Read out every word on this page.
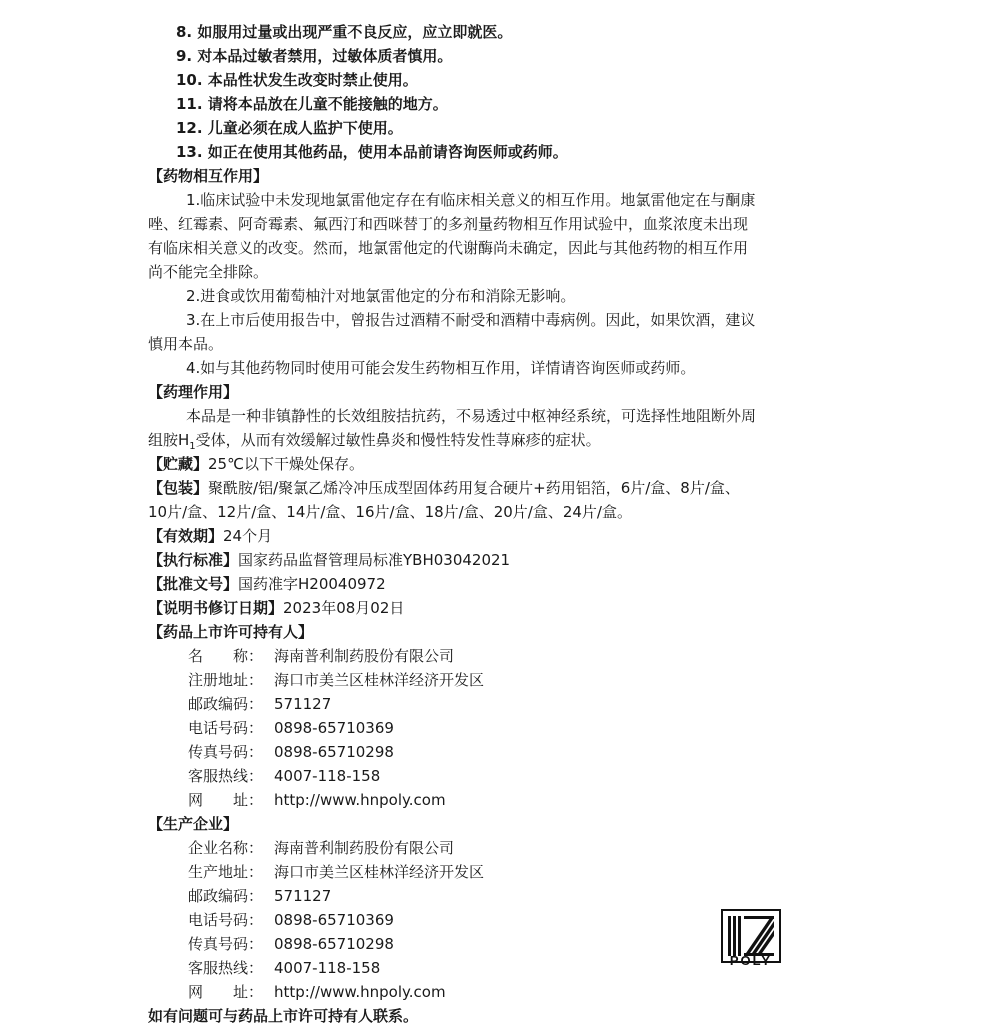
8. 如服用过量或出现严重不良反应，应立即就医。
9. 对本品过敏者禁用，过敏体质者慎用。
10. 本品性状发生改变时禁止使用。
11. 请将本品放在儿童不能接触的地方。
12. 儿童必须在成人监护下使用。
13. 如正在使用其他药品，使用本品前请咨询医师或药师。
【药物相互作用】
1.临床试验中未发现地氯雷他定存在有临床相关意义的相互作用。地氯雷他定在与酮康
唑、红霉素、阿奇霉素、氟西汀和西咪替丁的多剂量药物相互作用试验中，血浆浓度未出现
有临床相关意义的改变。然而，地氯雷他定的代谢酶尚未确定，因此与其他药物的相互作用
尚不能完全排除。
2.进食或饮用葡萄柚汁对地氯雷他定的分布和消除无影响。
3.在上市后使用报告中，曾报告过酒精不耐受和酒精中毒病例。因此，如果饮酒，建议
慎用本品。
4.如与其他药物同时使用可能会发生药物相互作用，详情请咨询医师或药师。
【药理作用】
本品是一种非镇静性的长效组胺拮抗药，不易透过中枢神经系统，可选择性地阻断外周
组胺$H_1$受体，从而有效缓解过敏性鼻炎和慢性特发性荨麻疹的症状。
【贮藏】25℃以下干燥处保存。
【包装】聚酰胺/铝/聚氯乙烯冷冲压成型固体药用复合硬片+药用铝箔，6片/盒、8片/盒、
10片/盒、12片/盒、14片/盒、16片/盒、18片/盒、20片/盒、24片/盒。
【有效期】24个月
【执行标准】国家药品监督管理局标准YBH03042021
【批准文号】国药准字H20040972
【说明书修订日期】2023年08月02日
【药品上市许可持有人】
名　　称： 海南普利制药股份有限公司
注册地址： 海口市美兰区桂林洋经济开发区
邮政编码： 571127
电话号码： 0898-65710369
传真号码： 0898-65710298
客服热线： 4007-118-158
网　　址： http://www.hnpoly.com
【生产企业】
企业名称： 海南普利制药股份有限公司
生产地址： 海口市美兰区桂林洋经济开发区
邮政编码： 571127
电话号码： 0898-65710369
传真号码： 0898-65710298
客服热线： 4007-118-158
网　　址： http://www.hnpoly.com
如有问题可与药品上市许可持有人联系。
POLY
